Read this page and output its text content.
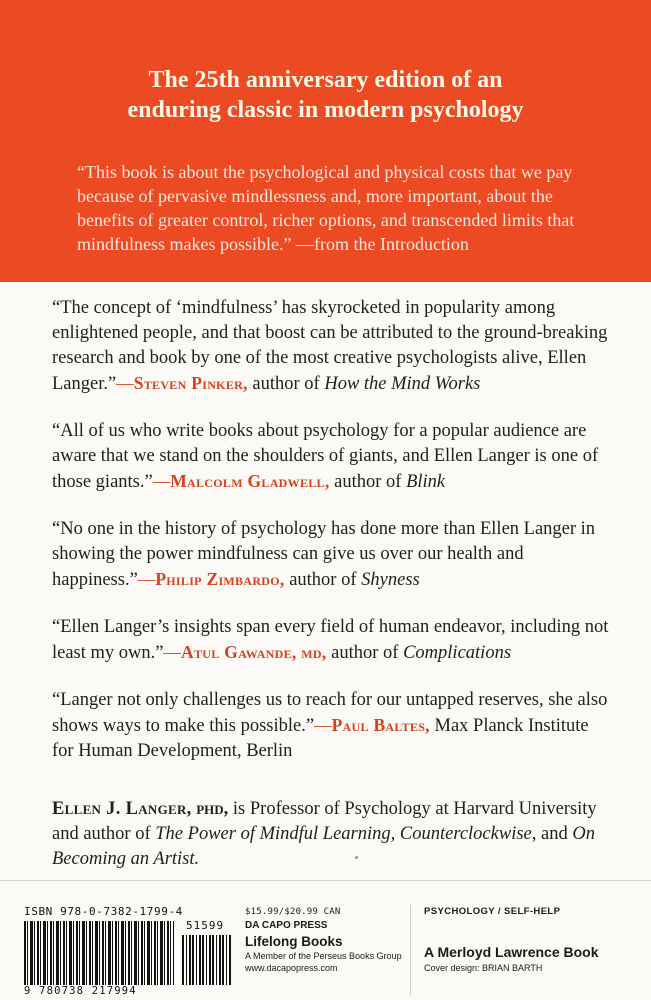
The 25th anniversary edition of an
enduring classic in modern psychology
“This book is about the psychological and physical costs that we pay because of pervasive mindlessness and, more important, about the benefits of greater control, richer options, and transcended limits that mindfulness makes possible.” —from the Introduction

“The concept of ‘mindfulness’ has skyrocketed in popularity among enlightened people, and that boost can be attributed to the ground-breaking research and book by one of the most creative psychologists alive, Ellen Langer.”—Steven Pinker, author of How the Mind Works

“All of us who write books about psychology for a popular audience are aware that we stand on the shoulders of giants, and Ellen Langer is one of those giants.”—Malcolm Gladwell, author of Blink

“No one in the history of psychology has done more than Ellen Langer in showing the power mindfulness can give us over our health and happiness.”—Philip Zimbardo, author of Shyness

“Ellen Langer’s insights span every field of human endeavor, including not least my own.”—Atul Gawande, md, author of Complications

“Langer not only challenges us to reach for our untapped reserves, she also shows ways to make this possible.”—Paul Baltes, Max Planck Institute for Human Development, Berlin

Ellen J. Langer, phd, is Professor of Psychology at Harvard University and author of The Power of Mindful Learning, Counterclockwise, and On Becoming an Artist.
ISBN 978-0-7382-1799-4
51599
9 780738 217994
$15.99/$20.99 CAN
DA CAPO PRESS
Lifelong Books
A Member of the Perseus Books Group
www.dacapopress.com
PSYCHOLOGY / SELF-HELP
A Merloyd Lawrence Book
Cover design: BRIAN BARTH
